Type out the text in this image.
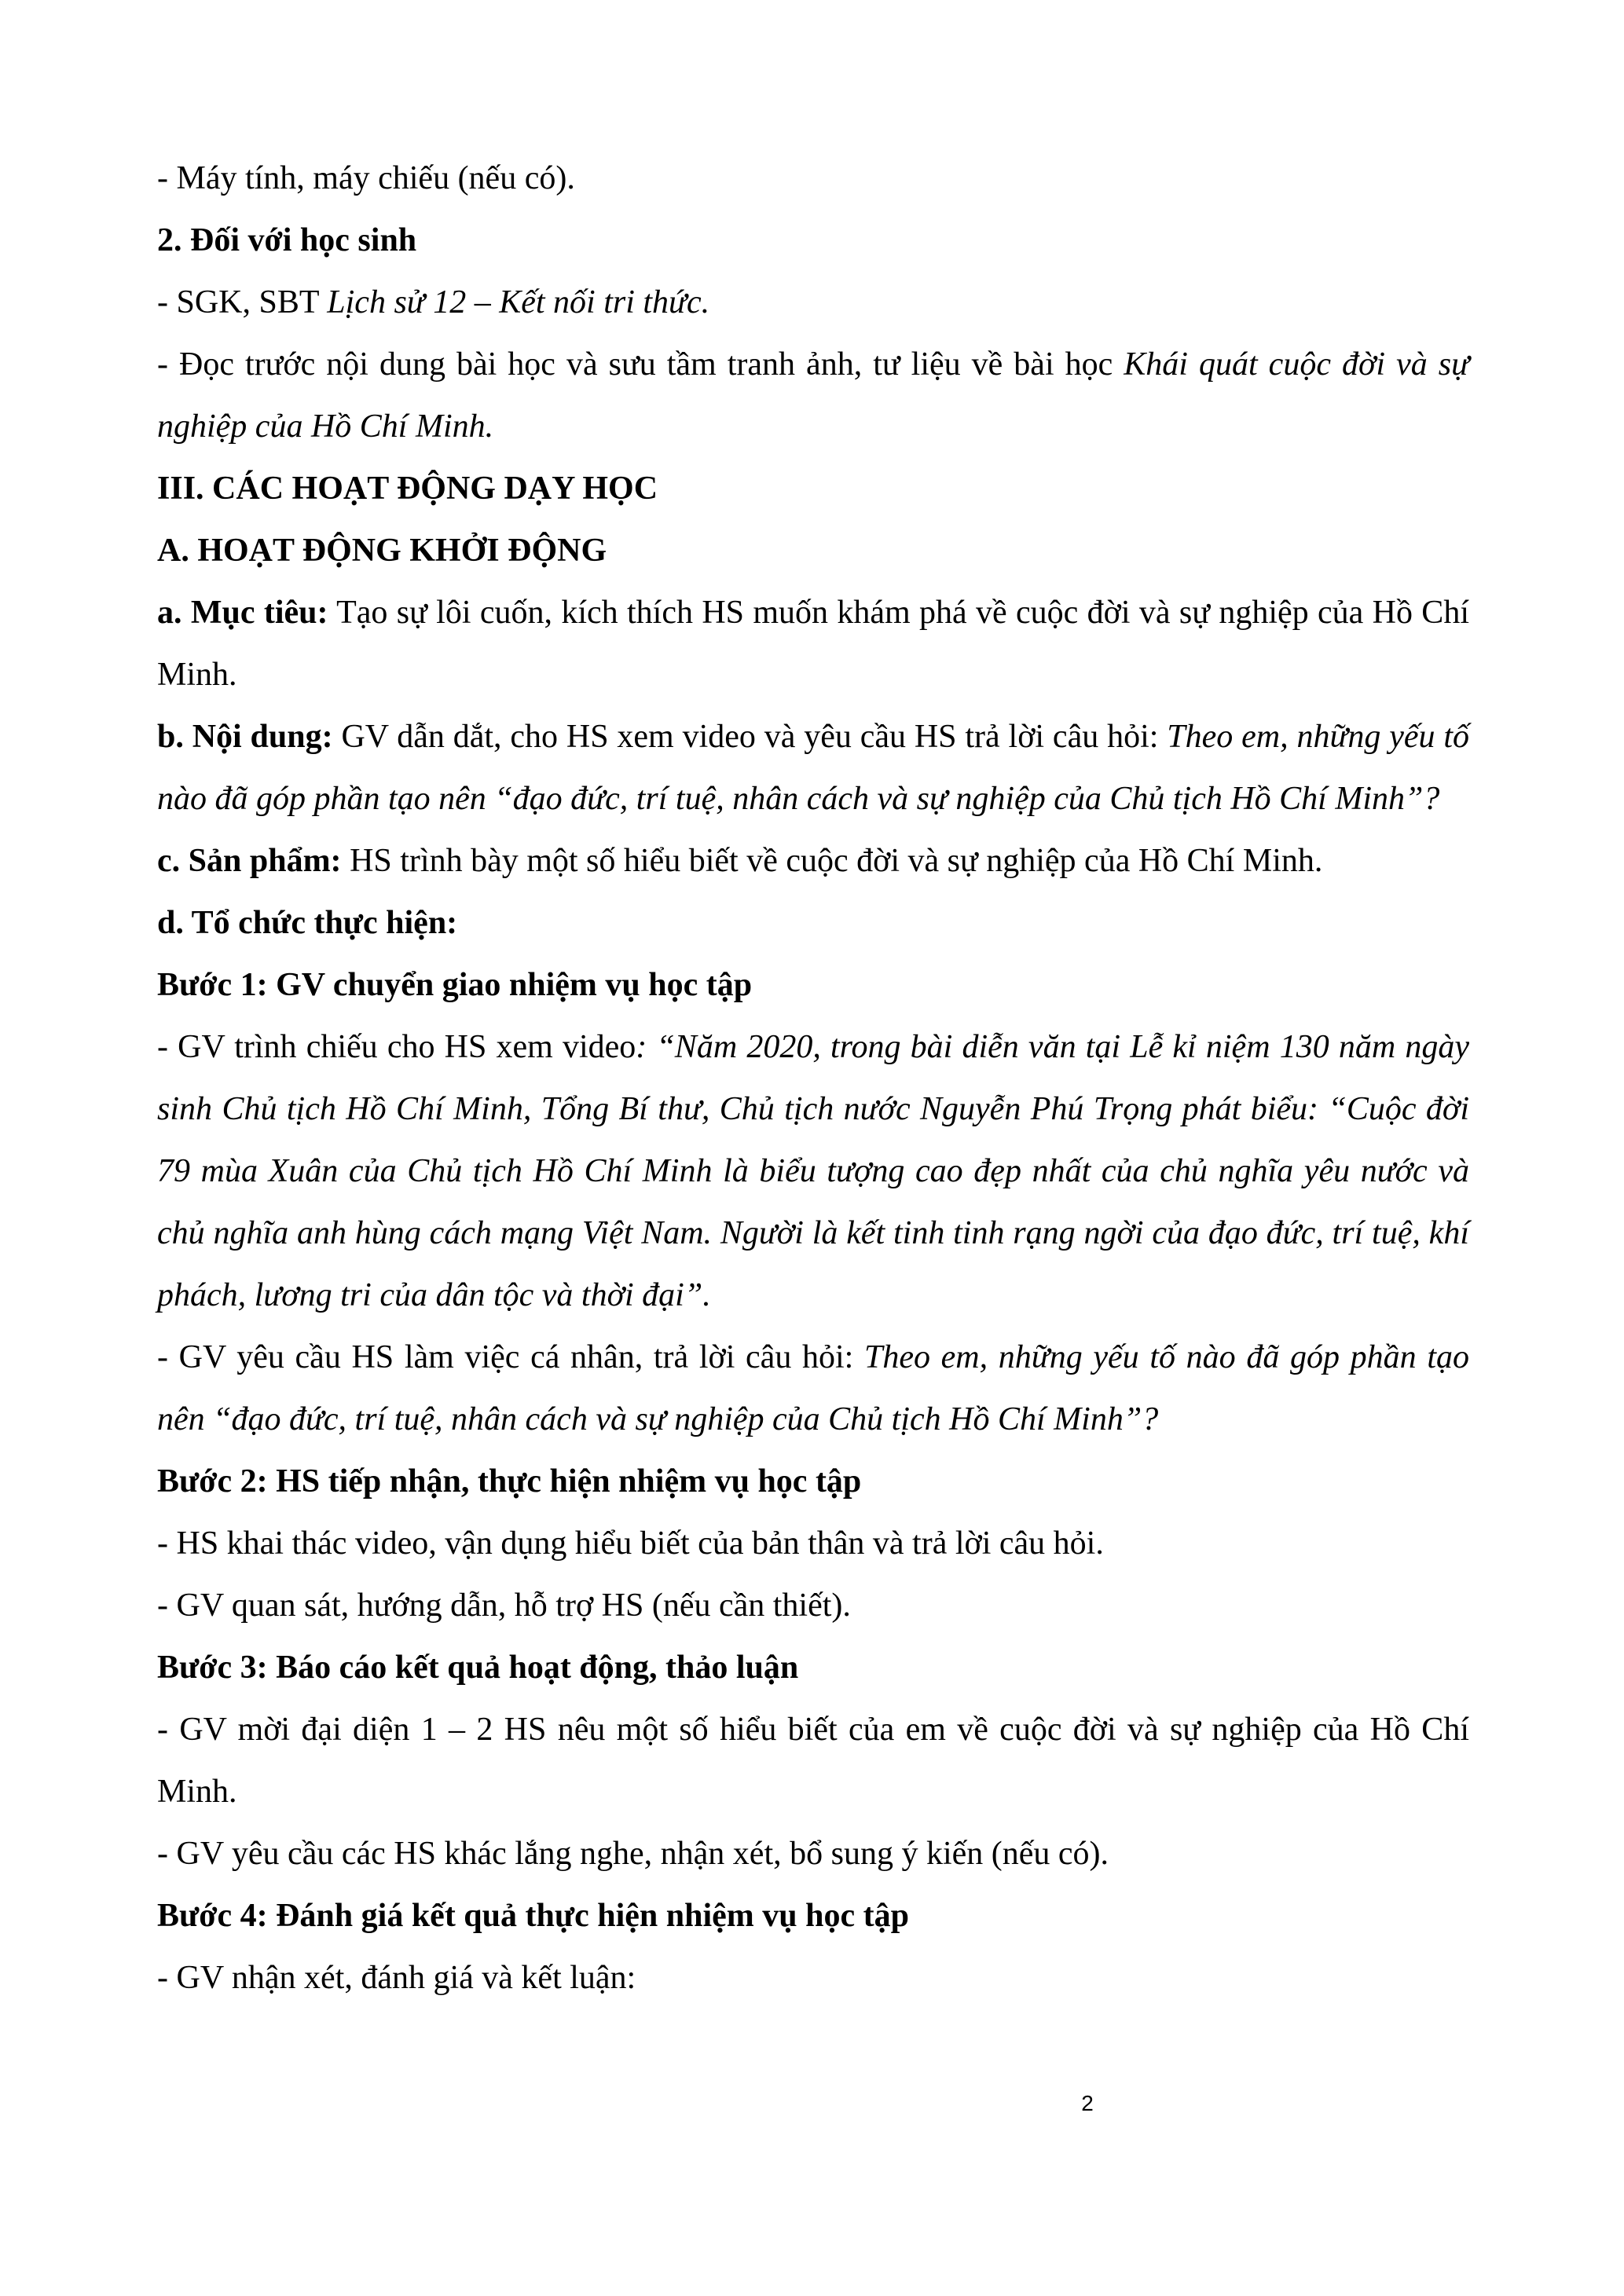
- Máy tính, máy chiếu (nếu có).

2. Đối với học sinh

- SGK, SBT Lịch sử 12 – Kết nối tri thức.

- Đọc trước nội dung bài học và sưu tầm tranh ảnh, tư liệu về bài học Khái quát cuộc đời và sự nghiệp của Hồ Chí Minh.

III. CÁC HOẠT ĐỘNG DẠY HỌC

A. HOẠT ĐỘNG KHỞI ĐỘNG

a. Mục tiêu: Tạo sự lôi cuốn, kích thích HS muốn khám phá về cuộc đời và sự nghiệp của Hồ Chí Minh.

b. Nội dung: GV dẫn dắt, cho HS xem video và yêu cầu HS trả lời câu hỏi: Theo em, những yếu tố nào đã góp phần tạo nên “đạo đức, trí tuệ, nhân cách và sự nghiệp của Chủ tịch Hồ Chí Minh”?

c. Sản phẩm: HS trình bày một số hiểu biết về cuộc đời và sự nghiệp của Hồ Chí Minh.

d. Tổ chức thực hiện:

Bước 1: GV chuyển giao nhiệm vụ học tập

- GV trình chiếu cho HS xem video: “Năm 2020, trong bài diễn văn tại Lễ kỉ niệm 130 năm ngày sinh Chủ tịch Hồ Chí Minh, Tổng Bí thư, Chủ tịch nước Nguyễn Phú Trọng phát biểu: “Cuộc đời 79 mùa Xuân của Chủ tịch Hồ Chí Minh là biểu tượng cao đẹp nhất của chủ nghĩa yêu nước và chủ nghĩa anh hùng cách mạng Việt Nam. Người là kết tinh tinh rạng ngời của đạo đức, trí tuệ, khí phách, lương tri của dân tộc và thời đại”.

- GV yêu cầu HS làm việc cá nhân, trả lời câu hỏi: Theo em, những yếu tố nào đã góp phần tạo nên “đạo đức, trí tuệ, nhân cách và sự nghiệp của Chủ tịch Hồ Chí Minh”?

Bước 2: HS tiếp nhận, thực hiện nhiệm vụ học tập

- HS khai thác video, vận dụng hiểu biết của bản thân và trả lời câu hỏi.

- GV quan sát, hướng dẫn, hỗ trợ HS (nếu cần thiết).

Bước 3: Báo cáo kết quả hoạt động, thảo luận

- GV mời đại diện 1 – 2 HS nêu một số hiểu biết của em về cuộc đời và sự nghiệp của Hồ Chí Minh.

- GV yêu cầu các HS khác lắng nghe, nhận xét, bổ sung ý kiến (nếu có).

Bước 4: Đánh giá kết quả thực hiện nhiệm vụ học tập

- GV nhận xét, đánh giá và kết luận:

2
